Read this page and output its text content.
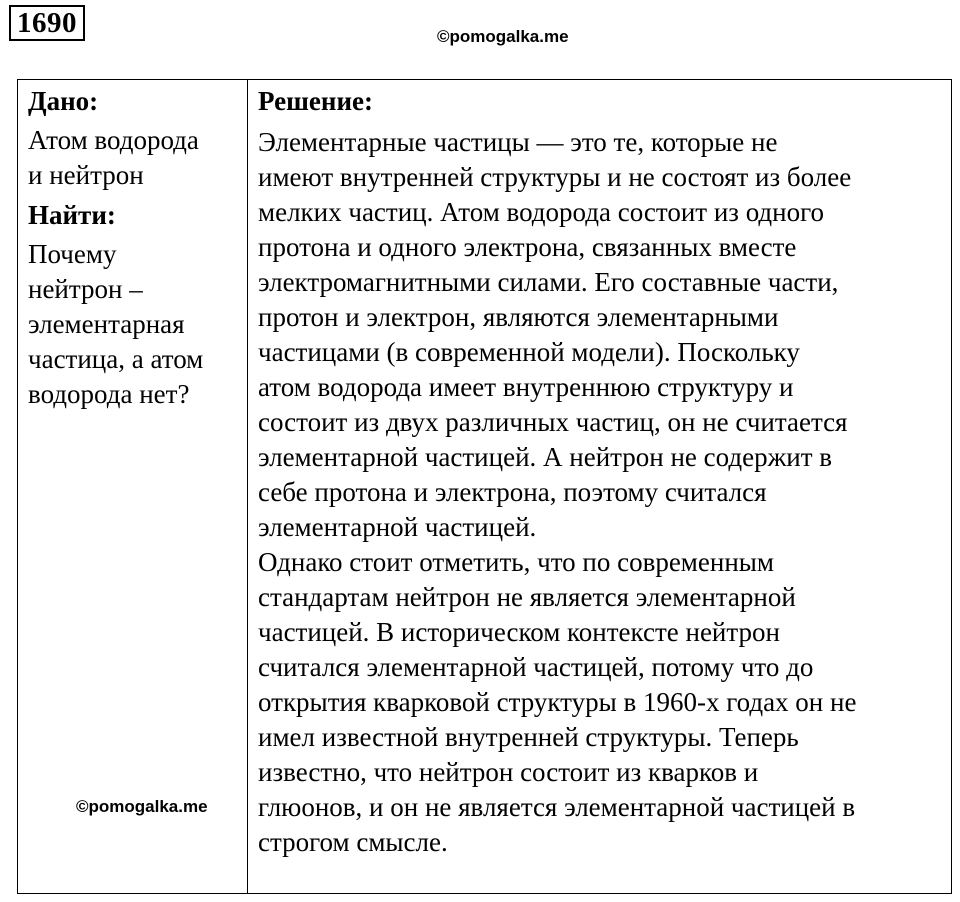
1690	©pomogalka.me

Дано:

Атом водорода
и нейтрон

Найти:

Почему
нейтрон –
элементарная
частица, а атом
водорода нет?

Решение:

Элементарные частицы — это те, которые не
имеют внутренней структуры и не состоят из более
мелких частиц. Атом водорода состоит из одного
протона и одного электрона, связанных вместе
электромагнитными силами. Его составные части,
протон и электрон, являются элементарными
частицами (в современной модели). Поскольку
атом водорода имеет внутреннюю структуру и
состоит из двух различных частиц, он не считается
элементарной частицей. А нейтрон не содержит в
себе протона и электрона, поэтому считался
элементарной частицей.
Однако стоит отметить, что по современным
стандартам нейтрон не является элементарной
частицей. В историческом контексте нейтрон
считался элементарной частицей, потому что до
открытия кварковой структуры в 1960-х годах он не
имел известной внутренней структуры. Теперь
известно, что нейтрон состоит из кварков и
глюонов, и он не является элементарной частицей в
строгом смысле.

©pomogalka.me
